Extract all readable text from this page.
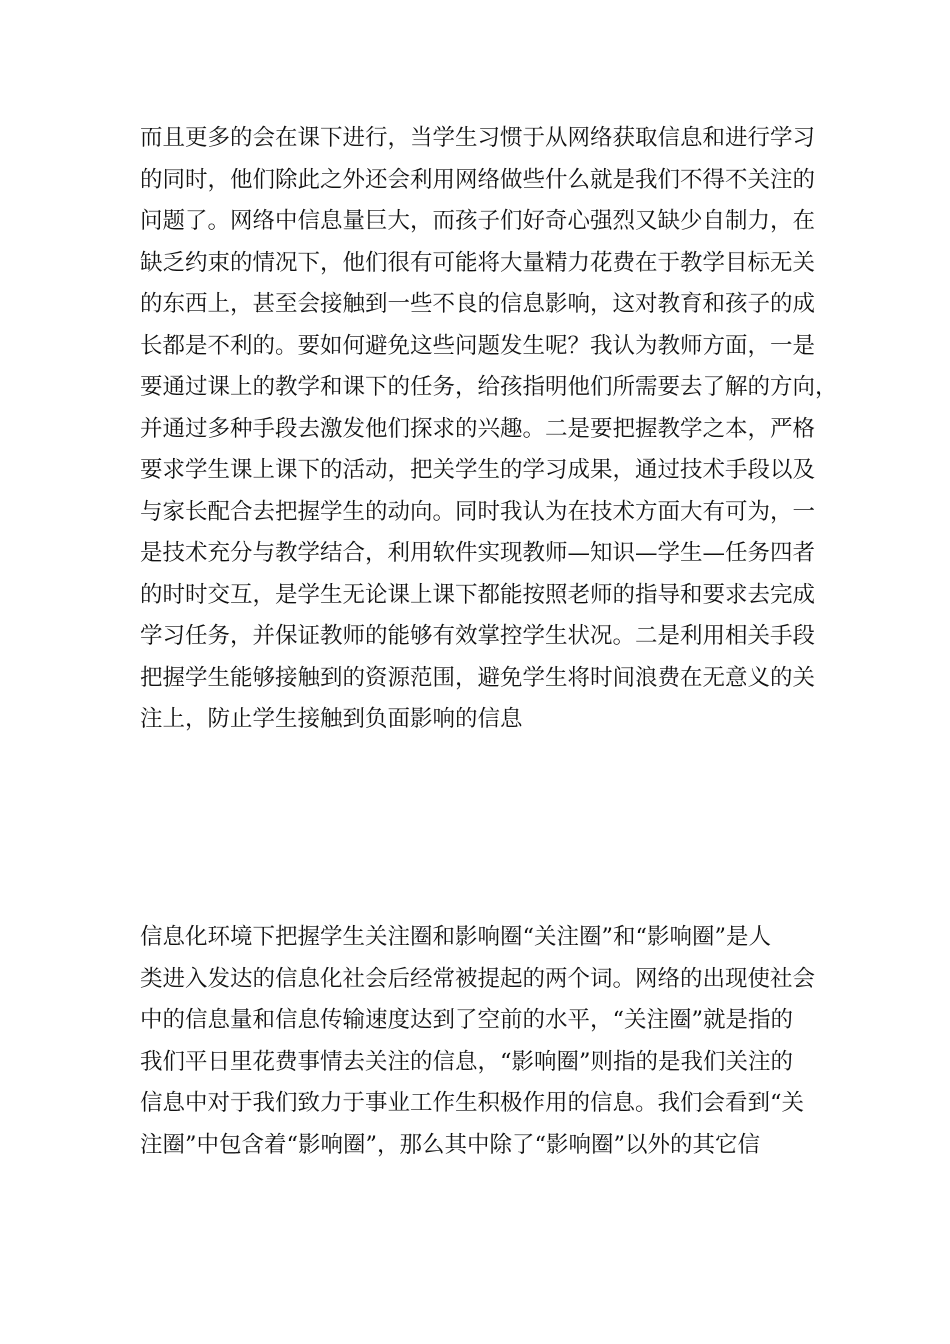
而且更多的会在课下进行，当学生习惯于从网络获取信息和进行学习
的同时，他们除此之外还会利用网络做些什么就是我们不得不关注的
问题了。网络中信息量巨大，而孩子们好奇心强烈又缺少自制力，在
缺乏约束的情况下，他们很有可能将大量精力花费在于教学目标无关
的东西上，甚至会接触到一些不良的信息影响，这对教育和孩子的成
长都是不利的。要如何避免这些问题发生呢？我认为教师方面，一是
要通过课上的教学和课下的任务，给孩指明他们所需要去了解的方向，
并通过多种手段去激发他们探求的兴趣。二是要把握教学之本，严格
要求学生课上课下的活动，把关学生的学习成果，通过技术手段以及
与家长配合去把握学生的动向。同时我认为在技术方面大有可为，一
是技术充分与教学结合，利用软件实现教师—知识—学生—任务四者
的时时交互，是学生无论课上课下都能按照老师的指导和要求去完成
学习任务，并保证教师的能够有效掌控学生状况。二是利用相关手段
把握学生能够接触到的资源范围，避免学生将时间浪费在无意义的关
注上，防止学生接触到负面影响的信息

信息化环境下把握学生关注圈和影响圈“关注圈”和“影响圈”是人
类进入发达的信息化社会后经常被提起的两个词。网络的出现使社会
中的信息量和信息传输速度达到了空前的水平，“关注圈”就是指的
我们平日里花费事情去关注的信息，“影响圈”则指的是我们关注的
信息中对于我们致力于事业工作生积极作用的信息。我们会看到“关
注圈”中包含着“影响圈”，那么其中除了“影响圈”以外的其它信
